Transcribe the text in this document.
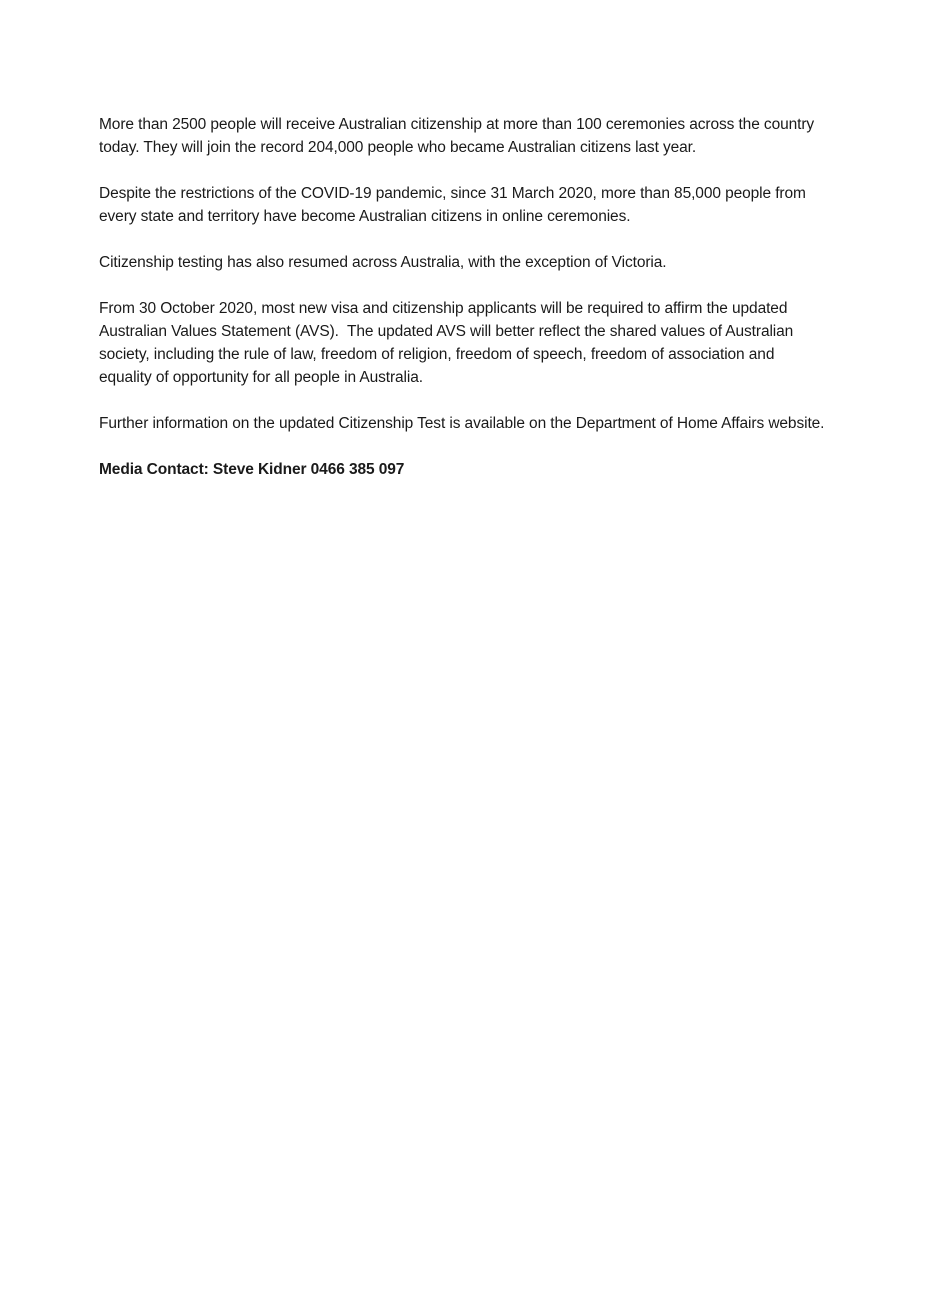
More than 2500 people will receive Australian citizenship at more than 100 ceremonies across the country today. They will join the record 204,000 people who became Australian citizens last year.

Despite the restrictions of the COVID-19 pandemic, since 31 March 2020, more than 85,000 people from every state and territory have become Australian citizens in online ceremonies.

Citizenship testing has also resumed across Australia, with the exception of Victoria.

From 30 October 2020, most new visa and citizenship applicants will be required to affirm the updated Australian Values Statement (AVS).  The updated AVS will better reflect the shared values of Australian society, including the rule of law, freedom of religion, freedom of speech, freedom of association and equality of opportunity for all people in Australia.

Further information on the updated Citizenship Test is available on the Department of Home Affairs website.

Media Contact: Steve Kidner 0466 385 097
